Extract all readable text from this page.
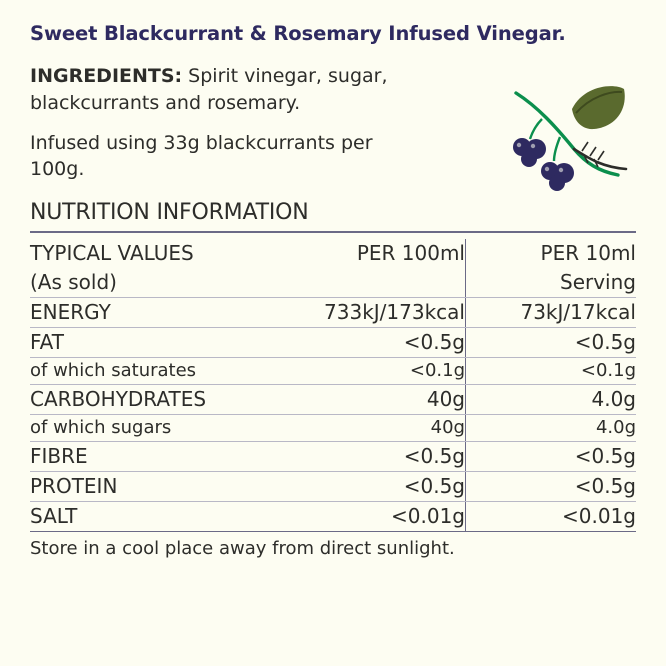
Sweet Blackcurrant & Rosemary Infused Vinegar.
INGREDIENTS: Spirit vinegar, sugar, blackcurrants and rosemary.
Infused using 33g blackcurrants per 100g.
NUTRITION INFORMATION
TYPICAL VALUES	PER 100ml	PER 10ml
(As sold)		Serving
ENERGY	733kJ/173kcal	73kJ/17kcal
FAT	<0.5g	<0.5g
of which saturates	<0.1g	<0.1g
CARBOHYDRATES	40g	4.0g
of which sugars	40g	4.0g
FIBRE	<0.5g	<0.5g
PROTEIN	<0.5g	<0.5g
SALT	<0.01g	<0.01g
Store in a cool place away from direct sunlight.
